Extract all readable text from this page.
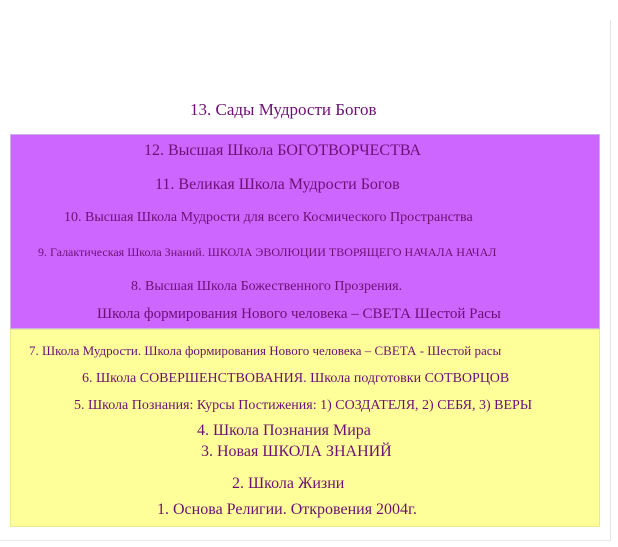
13. Сады Мудрости Богов
12. Высшая Школа БОГОТВОРЧЕСТВА
11. Великая Школа Мудрости Богов
10. Высшая Школа Мудрости для всего Космического Пространства
9. Галактическая Школа Знаний. ШКОЛА ЭВОЛЮЦИИ ТВОРЯЩЕГО НАЧАЛА НАЧАЛ
8. Высшая Школа Божественного Прозрения.
Школа формирования Нового человека – СВЕТА Шестой Расы
7. Школа Мудрости. Школа формирования Нового человека – СВЕТА - Шестой расы
6. Школа СОВЕРШЕНСТВОВАНИЯ. Школа подготовки СОТВОРЦОВ
5. Школа Познания: Курсы Постижения: 1) СОЗДАТЕЛЯ, 2) СЕБЯ, 3) ВЕРЫ
4. Школа Познания Мира
3. Новая ШКОЛА ЗНАНИЙ
2. Школа Жизни
1. Основа Религии. Откровения 2004г.
